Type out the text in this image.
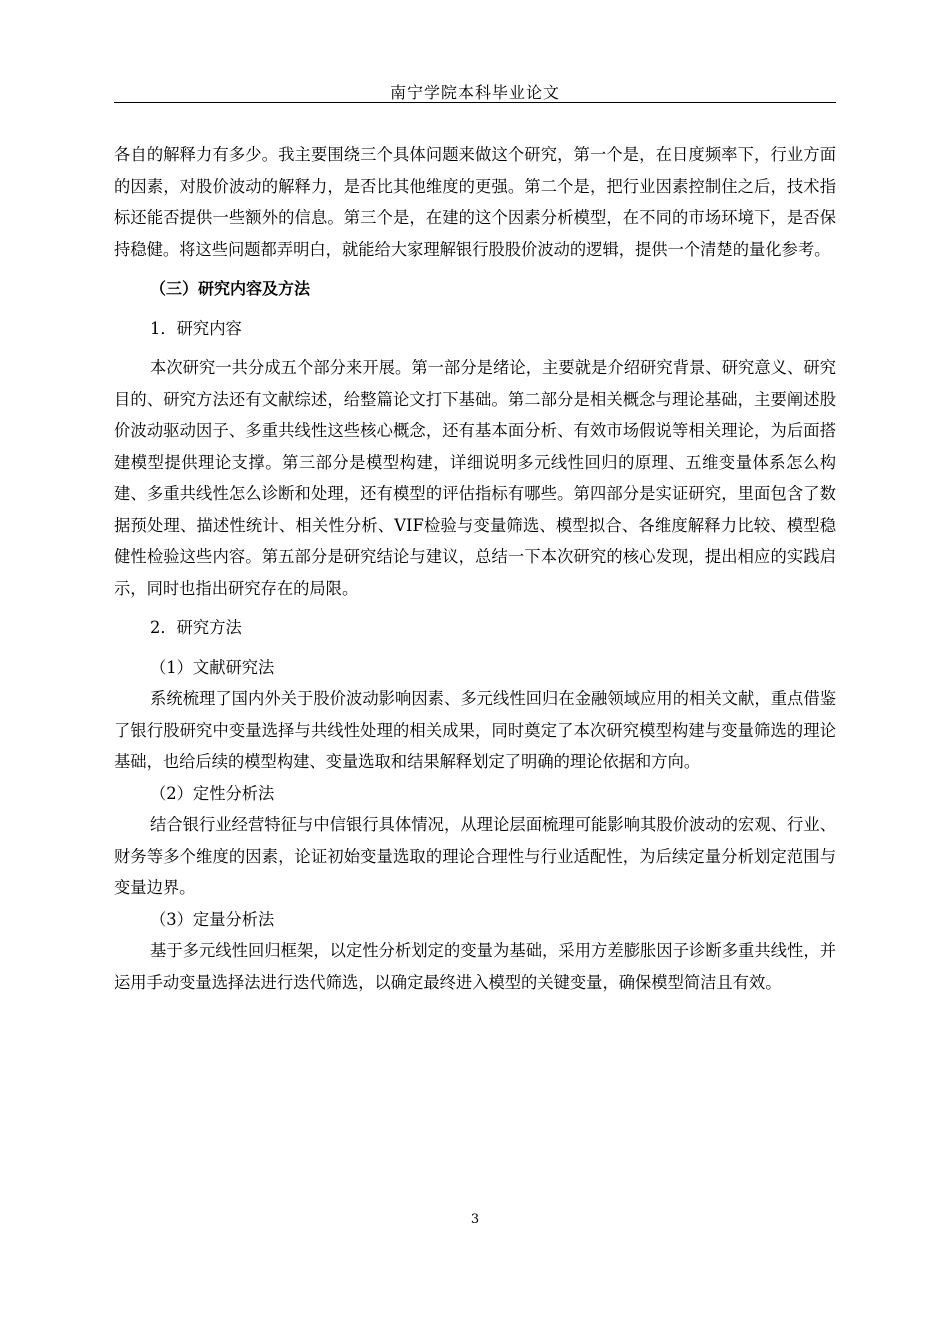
南宁学院本科毕业论文

各自的解释力有多少。我主要围绕三个具体问题来做这个研究，第一个是，在日度频率下，行业方面的因素，对股价波动的解释力，是否比其他维度的更强。第二个是，把行业因素控制住之后，技术指标还能否提供一些额外的信息。第三个是，在建的这个因素分析模型，在不同的市场环境下，是否保持稳健。将这些问题都弄明白，就能给大家理解银行股股价波动的逻辑，提供一个清楚的量化参考。

（三）研究内容及方法

1．研究内容

本次研究一共分成五个部分来开展。第一部分是绪论，主要就是介绍研究背景、研究意义、研究目的、研究方法还有文献综述，给整篇论文打下基础。第二部分是相关概念与理论基础，主要阐述股价波动驱动因子、多重共线性这些核心概念，还有基本面分析、有效市场假说等相关理论，为后面搭建模型提供理论支撑。第三部分是模型构建，详细说明多元线性回归的原理、五维变量体系怎么构建、多重共线性怎么诊断和处理，还有模型的评估指标有哪些。第四部分是实证研究，里面包含了数据预处理、描述性统计、相关性分析、VIF检验与变量筛选、模型拟合、各维度解释力比较、模型稳健性检验这些内容。第五部分是研究结论与建议，总结一下本次研究的核心发现，提出相应的实践启示，同时也指出研究存在的局限。

2．研究方法

（1）文献研究法

系统梳理了国内外关于股价波动影响因素、多元线性回归在金融领域应用的相关文献，重点借鉴了银行股研究中变量选择与共线性处理的相关成果，同时奠定了本次研究模型构建与变量筛选的理论基础，也给后续的模型构建、变量选取和结果解释划定了明确的理论依据和方向。

（2）定性分析法

结合银行业经营特征与中信银行具体情况，从理论层面梳理可能影响其股价波动的宏观、行业、财务等多个维度的因素，论证初始变量选取的理论合理性与行业适配性，为后续定量分析划定范围与变量边界。

（3）定量分析法

基于多元线性回归框架，以定性分析划定的变量为基础，采用方差膨胀因子诊断多重共线性，并运用手动变量选择法进行迭代筛选，以确定最终进入模型的关键变量，确保模型简洁且有效。

3
